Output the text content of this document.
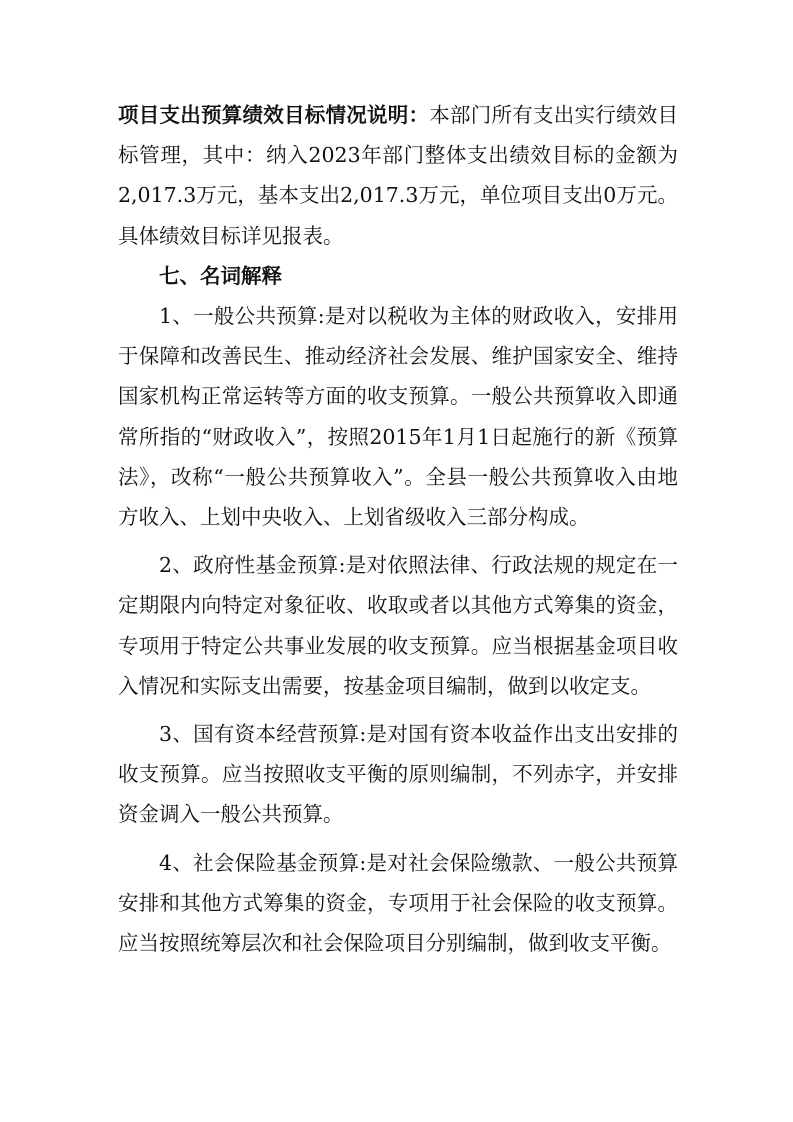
项目支出预算绩效目标情况说明：本部门所有支出实行绩效目标管理，其中：纳入2023年部门整体支出绩效目标的金额为2,017.3万元，基本支出2,017.3万元，单位项目支出0万元。具体绩效目标详见报表。

七、名词解释

1、一般公共预算:是对以税收为主体的财政收入，安排用于保障和改善民生、推动经济社会发展、维护国家安全、维持国家机构正常运转等方面的收支预算。一般公共预算收入即通常所指的“财政收入”，按照2015年1月1日起施行的新《预算法》，改称“一般公共预算收入”。全县一般公共预算收入由地方收入、上划中央收入、上划省级收入三部分构成。

2、政府性基金预算:是对依照法律、行政法规的规定在一定期限内向特定对象征收、收取或者以其他方式筹集的资金，专项用于特定公共事业发展的收支预算。应当根据基金项目收入情况和实际支出需要，按基金项目编制，做到以收定支。

3、国有资本经营预算:是对国有资本收益作出支出安排的收支预算。应当按照收支平衡的原则编制，不列赤字，并安排资金调入一般公共预算。

4、社会保险基金预算:是对社会保险缴款、一般公共预算安排和其他方式筹集的资金，专项用于社会保险的收支预算。应当按照统筹层次和社会保险项目分别编制，做到收支平衡。
